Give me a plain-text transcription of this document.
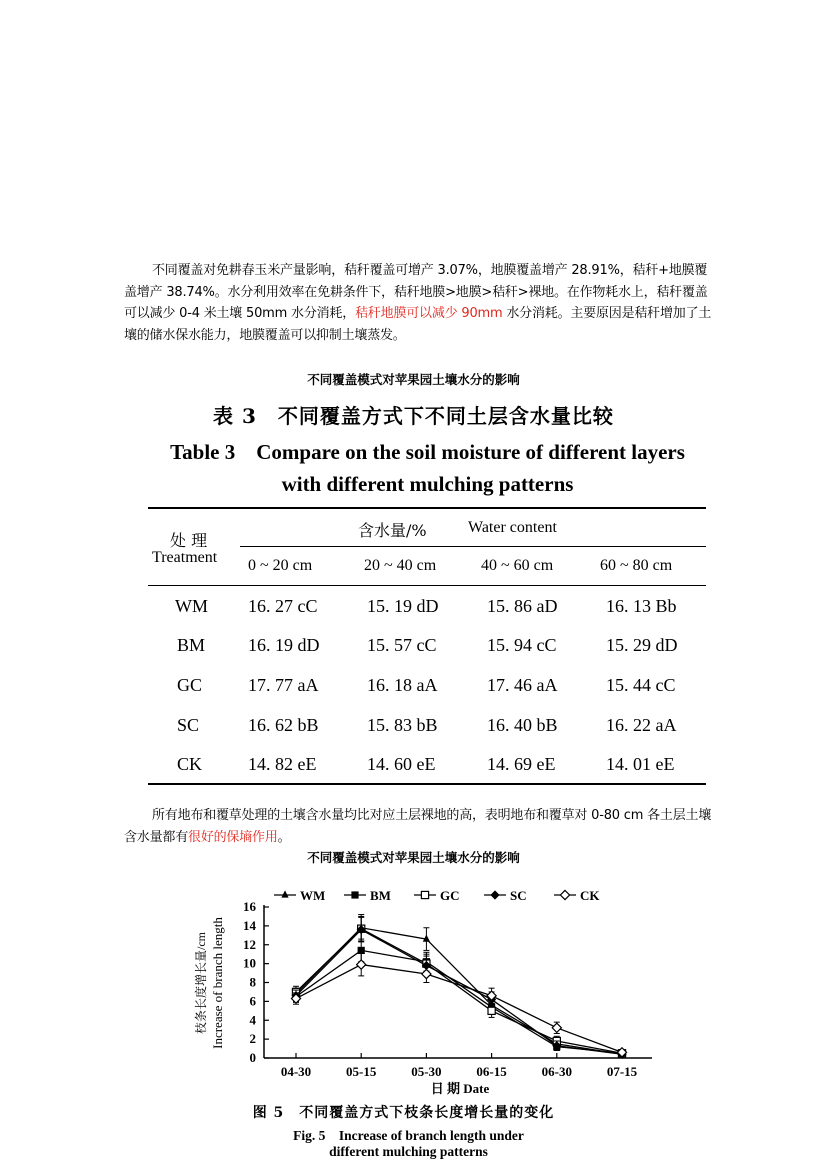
不同覆盖对免耕春玉米产量影响，秸秆覆盖可增产 3.07%，地膜覆盖增产 28.91%，秸秆+地膜覆盖增产 38.74%。水分利用效率在免耕条件下，秸秆地膜>地膜>秸秆>裸地。在作物耗水上，秸秆覆盖可以减少 0-4 米土壤 50mm 水分消耗，秸秆地膜可以减少 90mm 水分消耗。主要原因是秸秆增加了土壤的储水保水能力，地膜覆盖可以抑制土壤蒸发。
不同覆盖模式对苹果园土壤水分的影响
表 3　不同覆盖方式下不同土层含水量比较
Table 3　Compare on the soil moisture of different layers
with different mulching patterns
处 理
Treatment
含水量/%	Water content
0 ~ 20 cm	20 ~ 40 cm	40 ~ 60 cm	60 ~ 80 cm
WM 16. 27 cC	15. 19 dD	15. 86 aD	16. 13 Bb
BM 16. 19 dD	15. 57 cC	15. 94 cC	15. 29 dD
GC	17. 77 aA	16. 18 aA	17. 46 aA	15. 44 cC
SC	16. 62 bB	15. 83 bB	16. 40 bB	16. 22 aA
CK	14. 82 eE	14. 60 eE	14. 69 eE	14. 01 eE
所有地布和覆草处理的土壤含水量均比对应土层裸地的高，表明地布和覆草对 0-80 cm 各土层土壤含水量都有很好的保墒作用。
不同覆盖模式对苹果园土壤水分的影响
WM	BM	GC	SC	CK
0
2
4
6
8
10
12
14
16
04-30	05-15	05-30	06-15	06-30	07-15
枝条长度增长量/cm Increase of branch length
日 期 Date
图 5　不同覆盖方式下枝条长度增长量的变化
Fig. 5　Increase of branch length under
different mulching patterns
